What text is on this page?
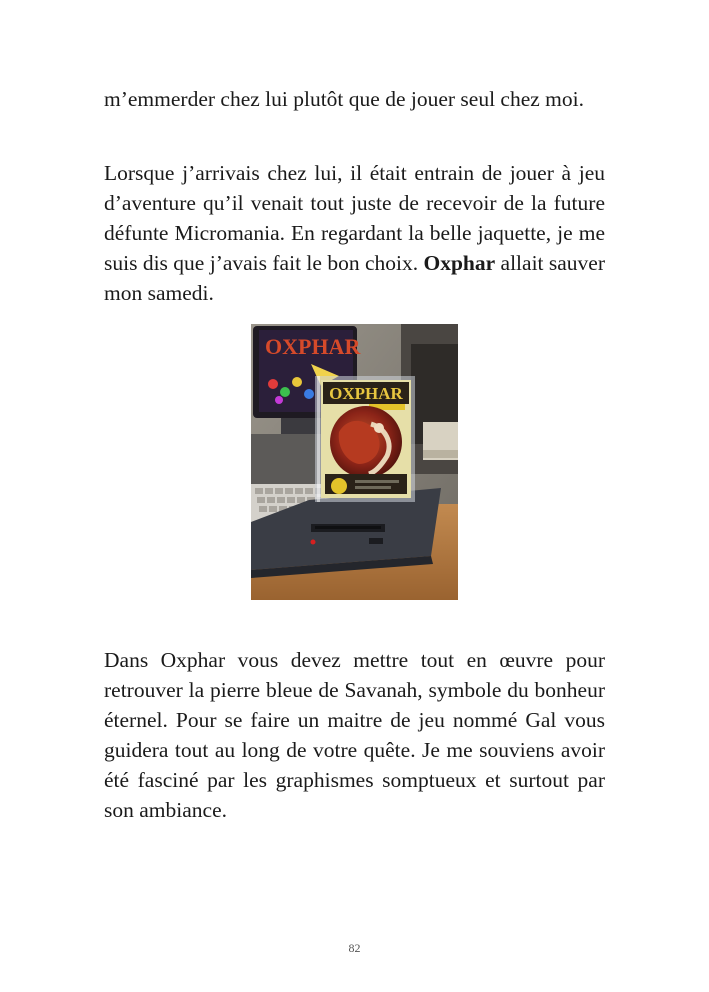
m’emmerder chez lui plutôt que de jouer seul chez moi.

Lorsque j’arrivais chez lui, il était entrain de jouer à jeu d’aventure qu’il venait tout juste de recevoir de la future défunte Micromania. En regardant la belle jaquette, je me suis dis que j’avais fait le bon choix. Oxphar allait sauver mon samedi.

OXPHAR
OXPHAR

Dans Oxphar vous devez mettre tout en œuvre pour retrouver la pierre bleue de Savanah, symbole du bonheur éternel. Pour se faire un maitre de jeu nommé Gal vous guidera tout au long de votre quête. Je me souviens avoir été fasciné par les graphismes somptueux et surtout par son ambiance.

82
